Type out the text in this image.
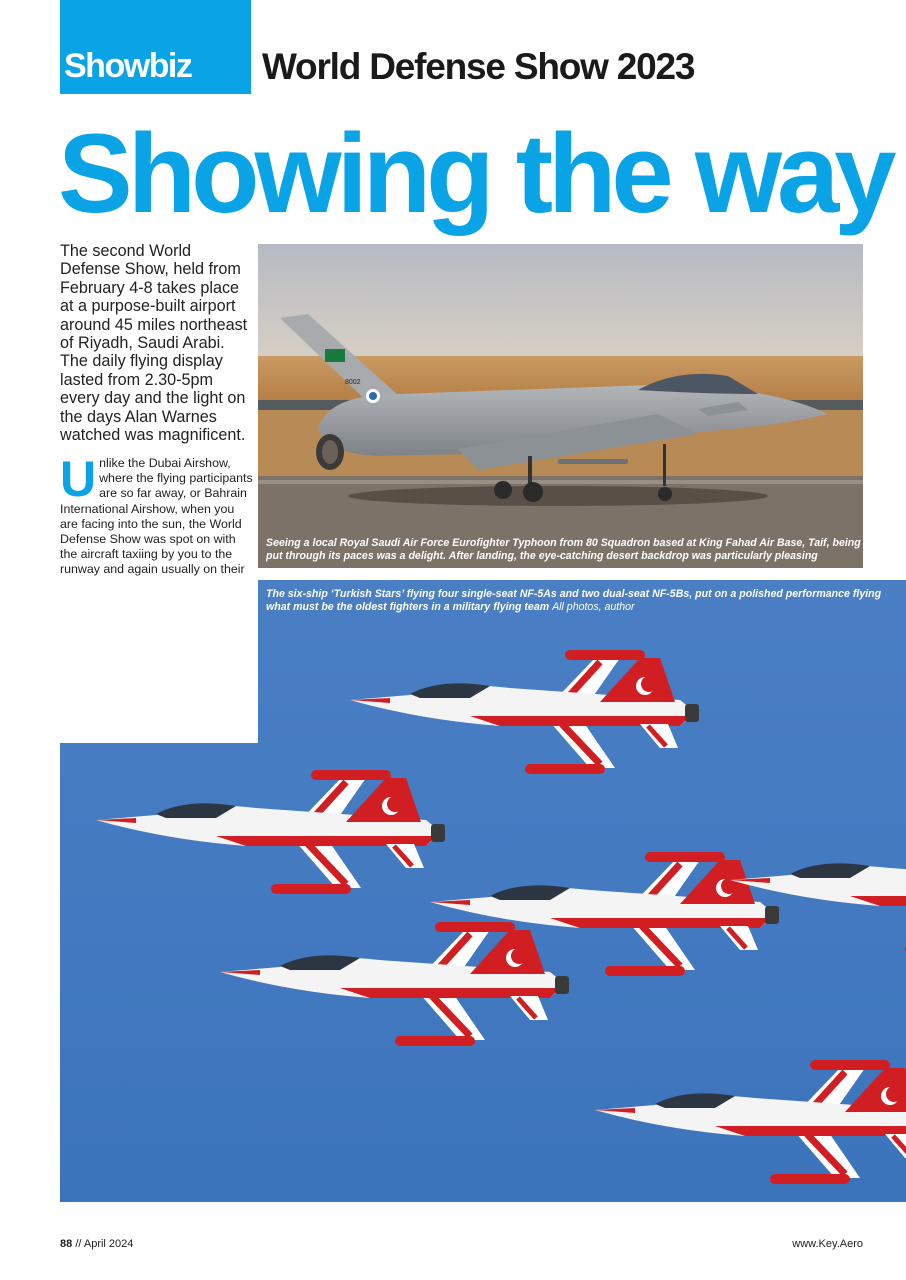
Showbiz World Defense Show 2023
Showing the way
The second World Defense Show, held from February 4-8 takes place at a purpose-built airport around 45 miles northeast of Riyadh, Saudi Arabi. The daily flying display lasted from 2.30-5pm every day and the light on the days Alan Warnes watched was magnificent.

Unlike the Dubai Airshow, where the flying participants are so far away, or Bahrain International Airshow, when you are facing into the sun, the World Defense Show was spot on with the aircraft taxiing by you to the runway and again usually on their

8002
Seeing a local Royal Saudi Air Force Eurofighter Typhoon from 80 Squadron based at King Fahad Air Base, Taif, being put through its paces was a delight. After landing, the eye-catching desert backdrop was particularly pleasing
The six-ship ‘Turkish Stars’ flying four single-seat NF-5As and two dual-seat NF-5Bs, put on a polished performance flying what must be the oldest fighters in a military flying team All photos, author
88 // April 2024	www.Key.Aero
